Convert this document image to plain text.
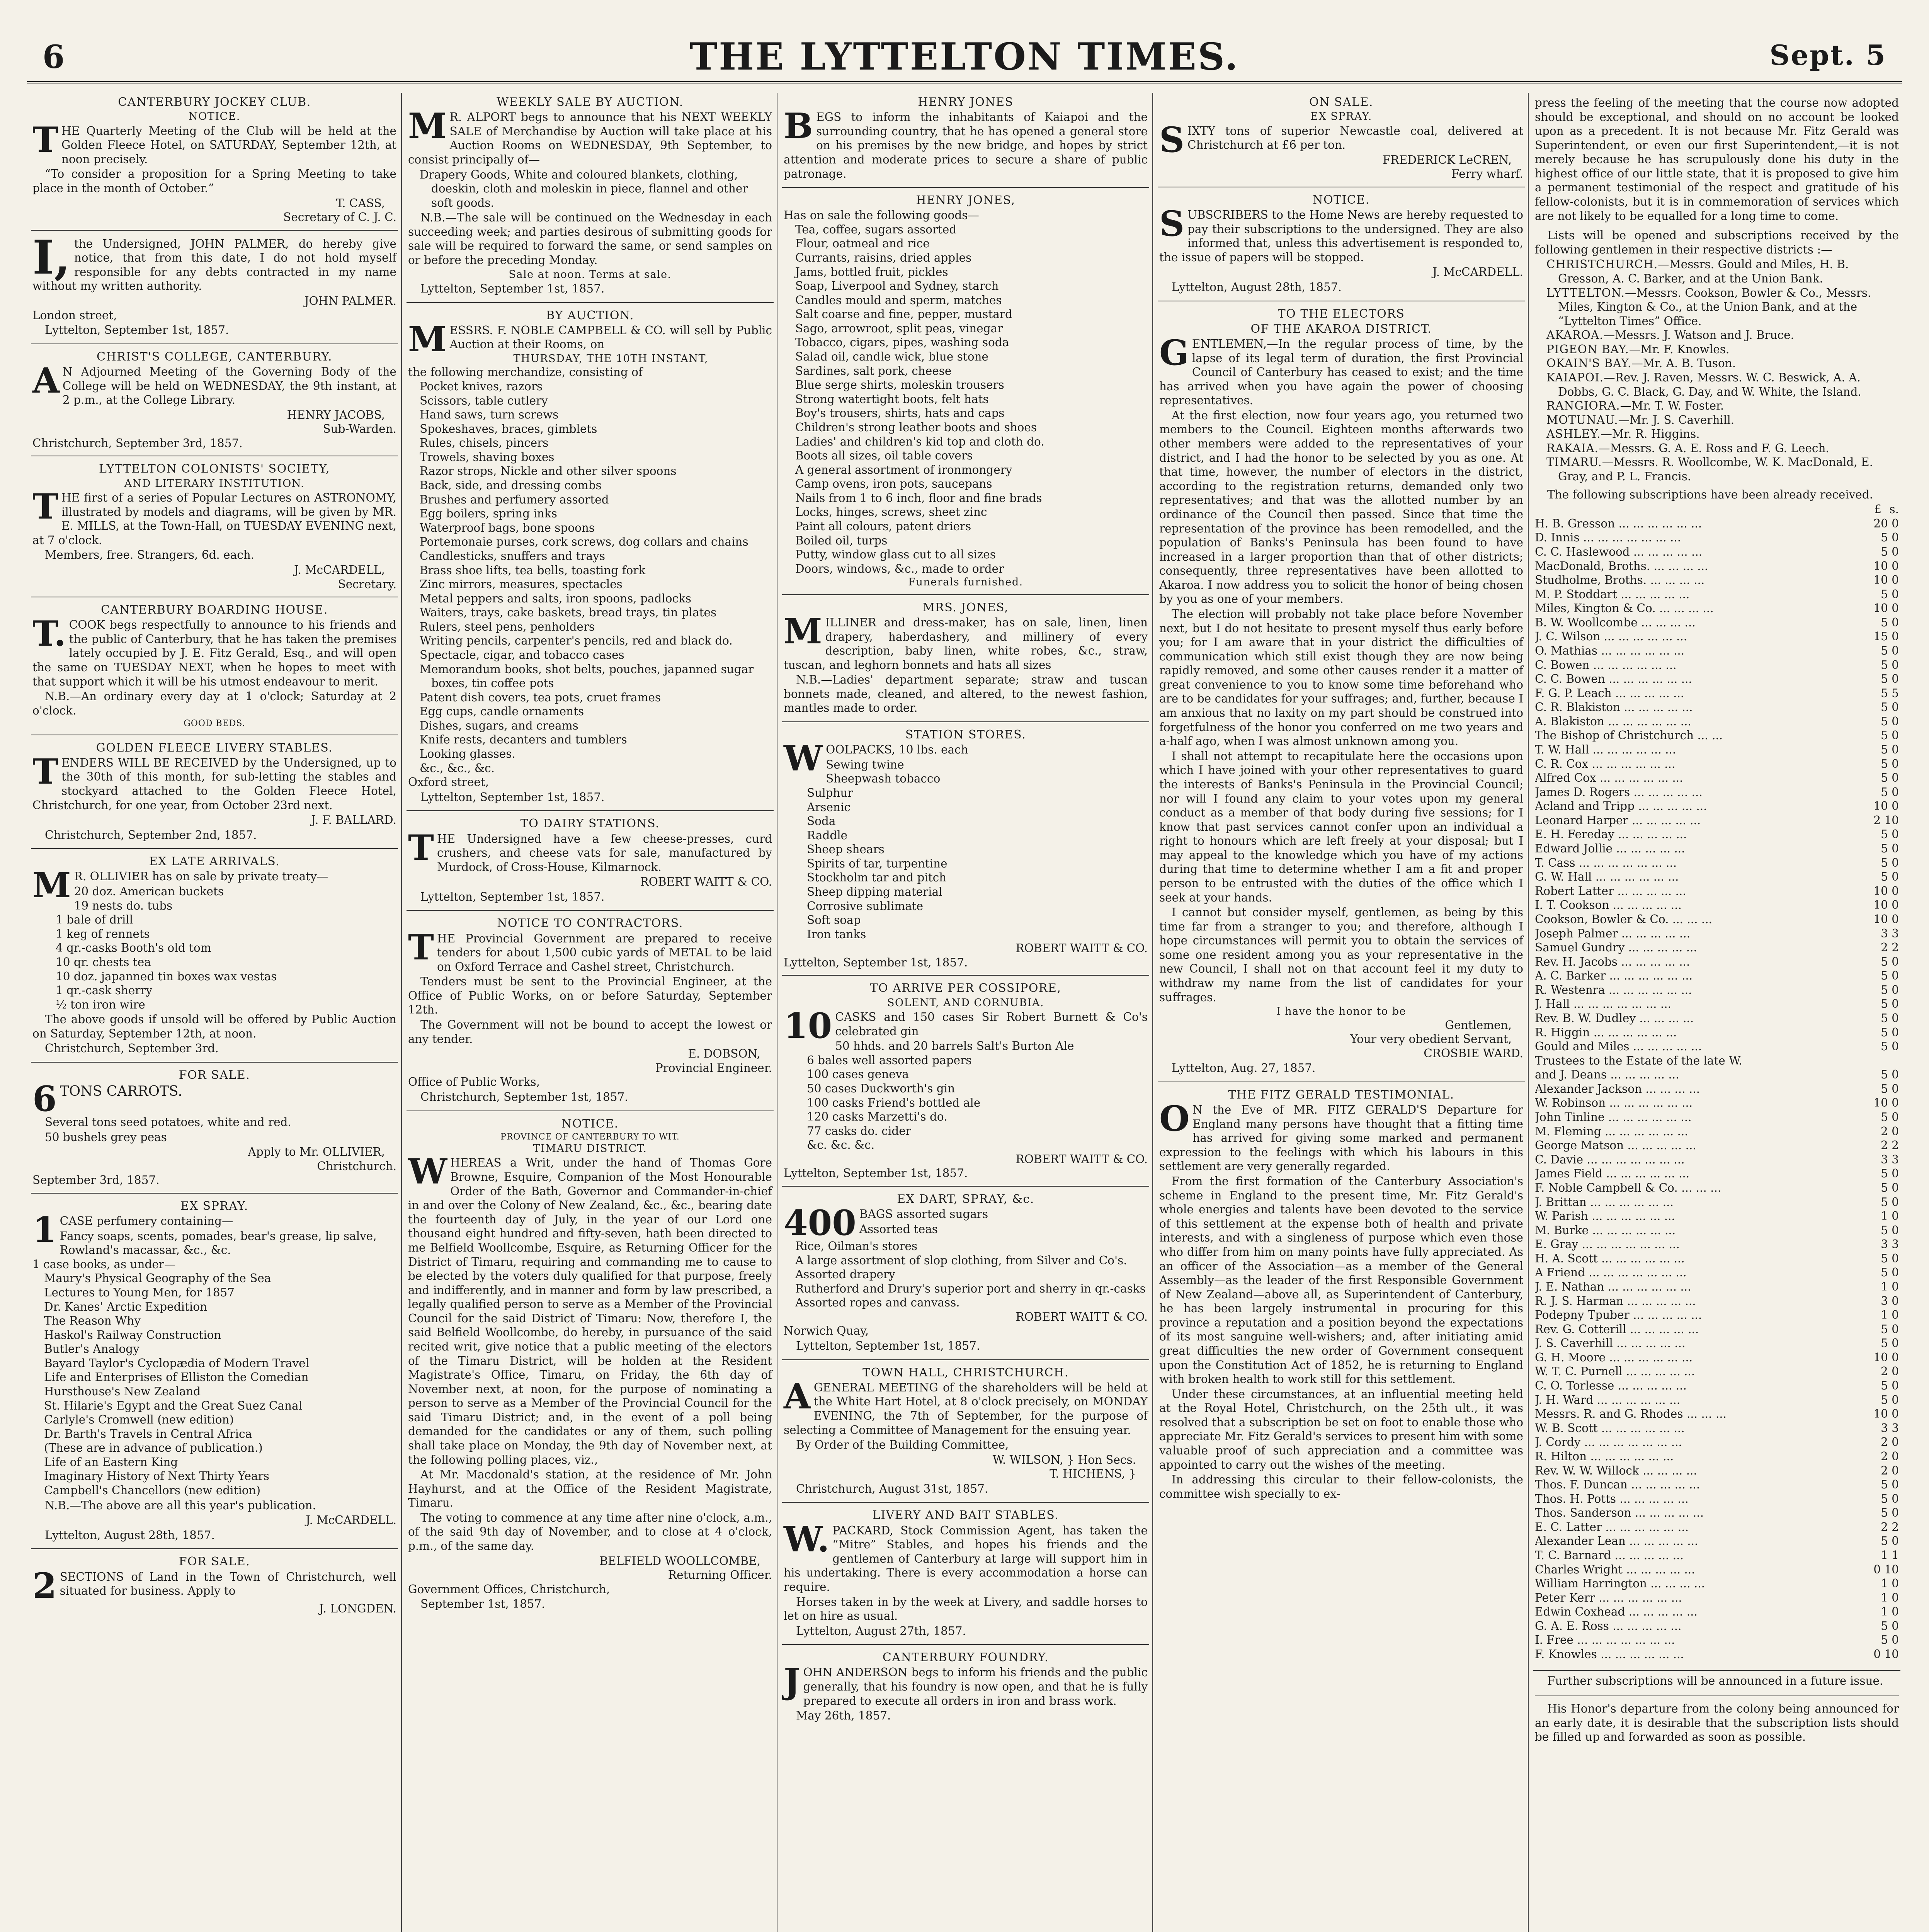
6	THE LYTTELTON TIMES.	Sept. 5

CANTERBURY JOCKEY CLUB.

NOTICE.

THE Quarterly Meeting of the Club will be held at the Golden Fleece Hotel, on SATURDAY, September 12th, at noon precisely.

“To consider a proposition for a Spring Meeting to take place in the month of October.”

T. CASS,

Secretary of C. J. C.

I, the Undersigned, JOHN PALMER, do hereby give notice, that from this date, I do not hold myself responsible for any debts contracted in my name without my written authority.

JOHN PALMER.

London street,

Lyttelton, September 1st, 1857.

CHRIST'S COLLEGE, CANTERBURY.

A N Adjourned Meeting of the Governing Body of the College will be held on WEDNESDAY, the 9th instant, at 2 p.m., at the College Library.

HENRY JACOBS,

Sub-Warden.

Christchurch, September 3rd, 1857.

LYTTELTON COLONISTS' SOCIETY,

AND LITERARY INSTITUTION.

THE first of a series of Popular Lectures on ASTRONOMY, illustrated by models and diagrams, will be given by MR. E. MILLS, at the Town-Hall, on TUESDAY EVENING next, at 7 o'clock.

Members, free. Strangers, 6d. each.

J. McCARDELL,

Secretary.

CANTERBURY BOARDING HOUSE.

T. COOK begs respectfully to announce to his friends and the public of Canterbury, that he has taken the premises lately occupied by J. E. Fitz Gerald, Esq., and will open the same on TUESDAY NEXT, when he hopes to meet with that support which it will be his utmost endeavour to merit.

N.B.—An ordinary every day at 1 o'clock; Saturday at 2 o'clock.

GOOD BEDS.

GOLDEN FLEECE LIVERY STABLES.

TENDERS WILL BE RECEIVED by the Undersigned, up to the 30th of this month, for sub-letting the stables and stockyard attached to the Golden Fleece Hotel, Christchurch, for one year, from October 23rd next.

J. F. BALLARD.

Christchurch, September 2nd, 1857.

EX LATE ARRIVALS.

M R. OLLIVIER has on sale by private treaty—

20 doz. American buckets

19 nests do. tubs

1 bale of drill

1 keg of rennets

4 qr.-casks Booth's old tom

10 qr. chests tea

10 doz. japanned tin boxes wax vestas

1 qr.-cask sherry

½ ton iron wire

The above goods if unsold will be offered by Public Auction on Saturday, September 12th, at noon.

Christchurch, September 3rd.

FOR SALE.

6 TONS CARROTS.

Several tons seed potatoes, white and red.

50 bushels grey peas

Apply to Mr. OLLIVIER,

Christchurch.

September 3rd, 1857.

EX SPRAY.

1 CASE perfumery containing—

Fancy soaps, scents, pomades, bear's grease, lip salve, Rowland's macassar, &c., &c.

1 case books, as under—

Maury's Physical Geography of the Sea

Lectures to Young Men, for 1857

Dr. Kanes' Arctic Expedition

The Reason Why

Haskol's Railway Construction

Butler's Analogy

Bayard Taylor's Cyclopædia of Modern Travel

Life and Enterprises of Elliston the Comedian

Hursthouse's New Zealand

St. Hilarie's Egypt and the Great Suez Canal

Carlyle's Cromwell (new edition)

Dr. Barth's Travels in Central Africa

(These are in advance of publication.)

Life of an Eastern King

Imaginary History of Next Thirty Years

Campbell's Chancellors (new edition)

N.B.—The above are all this year's publication.

J. McCARDELL.

Lyttelton, August 28th, 1857.

FOR SALE.

2 SECTIONS of Land in the Town of Christchurch, well situated for business. Apply to

J. LONGDEN.

WEEKLY SALE BY AUCTION.

M R. ALPORT begs to announce that his NEXT WEEKLY SALE of Merchandise by Auction will take place at his Auction Rooms on WEDNESDAY, 9th September, to consist principally of—

Drapery Goods, White and coloured blankets, clothing, doeskin, cloth and moleskin in piece, flannel and other soft goods.

N.B.—The sale will be continued on the Wednesday in each succeeding week; and parties desirous of submitting goods for sale will be required to forward the same, or send samples on or before the preceding Monday.

Sale at noon. Terms at sale.

Lyttelton, September 1st, 1857.

BY AUCTION.

MESSRS. F. NOBLE CAMPBELL & CO. will sell by Public Auction at their Rooms, on

THURSDAY, THE 10TH INSTANT,

the following merchandize, consisting of

Pocket knives, razors

Scissors, table cutlery

Hand saws, turn screws

Spokeshaves, braces, gimblets

Rules, chisels, pincers

Trowels, shaving boxes

Razor strops, Nickle and other silver spoons

Back, side, and dressing combs

Brushes and perfumery assorted

Egg boilers, spring inks

Waterproof bags, bone spoons

Portemonaie purses, cork screws, dog collars and chains

Candlesticks, snuffers and trays

Brass shoe lifts, tea bells, toasting fork

Zinc mirrors, measures, spectacles

Metal peppers and salts, iron spoons, padlocks

Waiters, trays, cake baskets, bread trays, tin plates

Rulers, steel pens, penholders

Writing pencils, carpenter's pencils, red and black do.

Spectacle, cigar, and tobacco cases

Memorandum books, shot belts, pouches, japanned sugar boxes, tin coffee pots

Patent dish covers, tea pots, cruet frames

Egg cups, candle ornaments

Dishes, sugars, and creams

Knife rests, decanters and tumblers

Looking glasses.

&c., &c., &c.

Oxford street,

Lyttelton, September 1st, 1857.

TO DAIRY STATIONS.

THE Undersigned have a few cheese-presses, curd crushers, and cheese vats for sale, manufactured by Murdock, of Cross-House, Kilmarnock.

ROBERT WAITT & CO.

Lyttelton, September 1st, 1857.

NOTICE TO CONTRACTORS.

THE Provincial Government are prepared to receive tenders for about 1,500 cubic yards of METAL to be laid on Oxford Terrace and Cashel street, Christchurch.

Tenders must be sent to the Provincial Engineer, at the Office of Public Works, on or before Saturday, September 12th.

The Government will not be bound to accept the lowest or any tender.

E. DOBSON,

Provincial Engineer.

Office of Public Works,

Christchurch, September 1st, 1857.

NOTICE.

PROVINCE OF CANTERBURY TO WIT.

TIMARU DISTRICT.

WHEREAS a Writ, under the hand of Thomas Gore Browne, Esquire, Companion of the Most Honourable Order of the Bath, Governor and Commander-in-chief in and over the Colony of New Zealand, &c., &c., bearing date the fourteenth day of July, in the year of our Lord one thousand eight hundred and fifty-seven, hath been directed to me Belfield Woollcombe, Esquire, as Returning Officer for the District of Timaru, requiring and commanding me to cause to be elected by the voters duly qualified for that purpose, freely and indifferently, and in manner and form by law prescribed, a legally qualified person to serve as a Member of the Provincial Council for the said District of Timaru: Now, therefore I, the said Belfield Woollcombe, do hereby, in pursuance of the said recited writ, give notice that a public meeting of the electors of the Timaru District, will be holden at the Resident Magistrate's Office, Timaru, on Friday, the 6th day of November next, at noon, for the purpose of nominating a person to serve as a Member of the Provincial Council for the said Timaru District; and, in the event of a poll being demanded for the candidates or any of them, such polling shall take place on Monday, the 9th day of November next, at the following polling places, viz.,

At Mr. Macdonald's station, at the residence of Mr. John Hayhurst, and at the Office of the Resident Magistrate, Timaru.

The voting to commence at any time after nine o'clock, a.m., of the said 9th day of November, and to close at 4 o'clock, p.m., of the same day.

BELFIELD WOOLLCOMBE,

Returning Officer.

Government Offices, Christchurch,

September 1st, 1857.

HENRY JONES

BEGS to inform the inhabitants of Kaiapoi and the surrounding country, that he has opened a general store on his premises by the new bridge, and hopes by strict attention and moderate prices to secure a share of public patronage.

HENRY JONES,

Has on sale the following goods—

Tea, coffee, sugars assorted

Flour, oatmeal and rice

Currants, raisins, dried apples

Jams, bottled fruit, pickles

Soap, Liverpool and Sydney, starch

Candles mould and sperm, matches

Salt coarse and fine, pepper, mustard

Sago, arrowroot, split peas, vinegar

Tobacco, cigars, pipes, washing soda

Salad oil, candle wick, blue stone

Sardines, salt pork, cheese

Blue serge shirts, moleskin trousers

Strong watertight boots, felt hats

Boy's trousers, shirts, hats and caps

Children's strong leather boots and shoes

Ladies' and children's kid top and cloth do.

Boots all sizes, oil table covers

A general assortment of ironmongery

Camp ovens, iron pots, saucepans

Nails from 1 to 6 inch, floor and fine brads

Locks, hinges, screws, sheet zinc

Paint all colours, patent driers

Boiled oil, turps

Putty, window glass cut to all sizes

Doors, windows, &c., made to order

Funerals furnished.

MRS. JONES,

MILLINER and dress-maker, has on sale, linen, linen drapery, haberdashery, and millinery of every description, baby linen, white robes, &c., straw, tuscan, and leghorn bonnets and hats all sizes

N.B.—Ladies' department separate; straw and tuscan bonnets made, cleaned, and altered, to the newest fashion, mantles made to order.

STATION STORES.

WOOLPACKS, 10 lbs. each

Sewing twine

Sheepwash tobacco

Sulphur

Arsenic

Soda

Raddle

Sheep shears

Spirits of tar, turpentine

Stockholm tar and pitch

Sheep dipping material

Corrosive sublimate

Soft soap

Iron tanks

ROBERT WAITT & CO.

Lyttelton, September 1st, 1857.

TO ARRIVE PER COSSIPORE,

SOLENT, AND CORNUBIA.

10 CASKS and 150 cases Sir Robert Burnett & Co's celebrated gin

50 hhds. and 20 barrels Salt's Burton Ale

6 bales well assorted papers

100 cases geneva

50 cases Duckworth's gin

100 casks Friend's bottled ale

120 casks Marzetti's do.

77 casks do. cider

&c. &c. &c.

ROBERT WAITT & CO.

Lyttelton, September 1st, 1857.

EX DART, SPRAY, &c.

400 BAGS assorted sugars

Assorted teas

Rice, Oilman's stores

A large assortment of slop clothing, from Silver and Co's.

Assorted drapery

Rutherford and Drury's superior port and sherry in qr.-casks

Assorted ropes and canvass.

ROBERT WAITT & CO.

Norwich Quay,

Lyttelton, September 1st, 1857.

TOWN HALL, CHRISTCHURCH.

AGENERAL MEETING of the shareholders will be held at the White Hart Hotel, at 8 o'clock precisely, on MONDAY EVENING, the 7th of September, for the purpose of selecting a Committee of Management for the ensuing year.

By Order of the Building Committee,

W. WILSON, } Hon Secs.

T. HICHENS, }

Christchurch, August 31st, 1857.

LIVERY AND BAIT STABLES.

W. PACKARD, Stock Commission Agent, has taken the “Mitre” Stables, and hopes his friends and the gentlemen of Canterbury at large will support him in his undertaking. There is every accommodation a horse can require.

Horses taken in by the week at Livery, and saddle horses to let on hire as usual.

Lyttelton, August 27th, 1857.

CANTERBURY FOUNDRY.

JOHN ANDERSON begs to inform his friends and the public generally, that his foundry is now open, and that he is fully prepared to execute all orders in iron and brass work.

May 26th, 1857.

ON SALE.

EX SPRAY.

SIXTY tons of superior Newcastle coal, delivered at Christchurch at £6 per ton.

FREDERICK LeCREN,

Ferry wharf.

NOTICE.

SUBSCRIBERS to the Home News are hereby requested to pay their subscriptions to the undersigned. They are also informed that, unless this advertisement is responded to, the issue of papers will be stopped.

J. McCARDELL.

Lyttelton, August 28th, 1857.

TO THE ELECTORS

OF THE AKAROA DISTRICT.

GENTLEMEN,—In the regular process of time, by the lapse of its legal term of duration, the first Provincial Council of Canterbury has ceased to exist; and the time has arrived when you have again the power of choosing representatives.

At the first election, now four years ago, you returned two members to the Council. Eighteen months afterwards two other members were added to the representatives of your district, and I had the honor to be selected by you as one. At that time, however, the number of electors in the district, according to the registration returns, demanded only two representatives; and that was the allotted number by an ordinance of the Council then passed. Since that time the representation of the province has been remodelled, and the population of Banks's Peninsula has been found to have increased in a larger proportion than that of other districts; consequently, three representatives have been allotted to Akaroa. I now address you to solicit the honor of being chosen by you as one of your members.

The election will probably not take place before November next, but I do not hesitate to present myself thus early before you; for I am aware that in your district the difficulties of communication which still exist though they are now being rapidly removed, and some other causes render it a matter of great convenience to you to know some time beforehand who are to be candidates for your suffrages; and, further, because I am anxious that no laxity on my part should be construed into forgetfulness of the honor you conferred on me two years and a-half ago, when I was almost unknown among you.

I shall not attempt to recapitulate here the occasions upon which I have joined with your other representatives to guard the interests of Banks's Peninsula in the Provincial Council; nor will I found any claim to your votes upon my general conduct as a member of that body during five sessions; for I know that past services cannot confer upon an individual a right to honours which are left freely at your disposal; but I may appeal to the knowledge which you have of my actions during that time to determine whether I am a fit and proper person to be entrusted with the duties of the office which I seek at your hands.

I cannot but consider myself, gentlemen, as being by this time far from a stranger to you; and therefore, although I hope circumstances will permit you to obtain the services of some one resident among you as your representative in the new Council, I shall not on that account feel it my duty to withdraw my name from the list of candidates for your suffrages.

I have the honor to be

Gentlemen,

Your very obedient Servant,

CROSBIE WARD.

Lyttelton, Aug. 27, 1857.

THE FITZ GERALD TESTIMONIAL.

O N the Eve of MR. FITZ GERALD'S Departure for England many persons have thought that a fitting time has arrived for giving some marked and permanent expression to the feelings with which his labours in this settlement are very generally regarded.

From the first formation of the Canterbury Association's scheme in England to the present time, Mr. Fitz Gerald's whole energies and talents have been devoted to the service of this settlement at the expense both of health and private interests, and with a singleness of purpose which even those who differ from him on many points have fully appreciated. As an officer of the Association—as a member of the General Assembly—as the leader of the first Responsible Government of New Zealand—above all, as Superintendent of Canterbury, he has been largely instrumental in procuring for this province a reputation and a position beyond the expectations of its most sanguine well-wishers; and, after initiating amid great difficulties the new order of Government consequent upon the Constitution Act of 1852, he is returning to England with broken health to work still for this settlement.

Under these circumstances, at an influential meeting held at the Royal Hotel, Christchurch, on the 25th ult., it was resolved that a subscription be set on foot to enable those who appreciate Mr. Fitz Gerald's services to present him with some valuable proof of such appreciation and a committee was appointed to carry out the wishes of the meeting.

In addressing this circular to their fellow-colonists, the committee wish specially to ex-

press the feeling of the meeting that the course now adopted should be exceptional, and should on no account be looked upon as a precedent. It is not because Mr. Fitz Gerald was Superintendent, or even our first Superintendent,—it is not merely because he has scrupulously done his duty in the highest office of our little state, that it is proposed to give him a permanent testimonial of the respect and gratitude of his fellow-colonists, but it is in commemoration of services which are not likely to be equalled for a long time to come.

Lists will be opened and subscriptions received by the following gentlemen in their respective districts :—

CHRISTCHURCH.—Messrs. Gould and Miles, H. B. Gresson, A. C. Barker, and at the Union Bank.

LYTTELTON.—Messrs. Cookson, Bowler & Co., Messrs. Miles, Kington & Co., at the Union Bank, and at the “Lyttelton Times” Office.

AKAROA.—Messrs. J. Watson and J. Bruce.

PIGEON BAY.—Mr. F. Knowles.

OKAIN'S BAY.—Mr. A. B. Tuson.

KAIAPOI.—Rev. J. Raven, Messrs. W. C. Beswick, A. A. Dobbs, G. C. Black, G. Day, and W. White, the Island.

RANGIORA.—Mr. T. W. Foster.

MOTUNAU.—Mr. J. S. Caverhill.

ASHLEY.—Mr. R. Higgins.

RAKAIA.—Messrs. G. A. E. Ross and F. G. Leech.

TIMARU.—Messrs. R. Woollcombe, W. K. MacDonald, E. Gray, and P. L. Francis.

The following subscriptions have been already received.

£ s.
H. B. Gresson ... ... ... ... ... ...	20 0
D. Innis ... ... ... ... ... ... ...	5 0
C. C. Haslewood ... ... ... ... ...	5 0
MacDonald, Broths. ... ... ... ...	10 0
Studholme, Broths. ... ... ... ...	10 0
M. P. Stoddart ... ... ... ... ...	5 0
Miles, Kington & Co. ... ... ... ...	10 0
B. W. Woollcombe ... ... ... ...	5 0
J. C. Wilson ... ... ... ... ... ...	15 0
O. Mathias ... ... ... ... ... ...	5 0
C. Bowen ... ... ... ... ... ...	5 0
C. C. Bowen ... ... ... ... ... ...	5 0
F. G. P. Leach ... ... ... ... ...	5 5
C. R. Blakiston ... ... ... ... ...	5 0
A. Blakiston ... ... ... ... ... ...	5 0
The Bishop of Christchurch ... ...	5 0
T. W. Hall ... ... ... ... ... ...	5 0
C. R. Cox ... ... ... ... ... ...	5 0
Alfred Cox ... ... ... ... ... ...	5 0
James D. Rogers ... ... ... ... ...	5 0
Acland and Tripp ... ... ... ... ...	10 0
Leonard Harper ... ... ... ... ...	2 10
E. H. Fereday ... ... ... ... ...	5 0
Edward Jollie ... ... ... ... ...	5 0
T. Cass ... ... ... ... ... ... ...	5 0
G. W. Hall ... ... ... ... ... ...	5 0
Robert Latter ... ... ... ... ...	10 0
I. T. Cookson ... ... ... ... ...	10 0
Cookson, Bowler & Co. ... ... ...	10 0
Joseph Palmer ... ... ... ... ...	3 3
Samuel Gundry ... ... ... ... ...	2 2
Rev. H. Jacobs ... ... ... ... ...	5 0
A. C. Barker ... ... ... ... ... ...	5 0
R. Westenra ... ... ... ... ... ...	5 0
J. Hall ... ... ... ... ... ... ...	5 0
Rev. B. W. Dudley ... ... ... ...	5 0
R. Higgin ... ... ... ... ... ...	5 0
Gould and Miles ... ... ... ... ...	5 0
Trustees to the Estate of the late W.
and J. Deans ... ... ... ... ...	5 0
Alexander Jackson ... ... ... ...	5 0
W. Robinson ... ... ... ... ... ...	10 0
John Tinline ... ... ... ... ... ...	5 0
M. Fleming ... ... ... ... ... ...	2 0
George Matson ... ... ... ... ...	2 2
C. Davie ... ... ... ... ... ... ...	3 3
James Field ... ... ... ... ... ...	5 0
F. Noble Campbell & Co. ... ... ...	5 0
J. Brittan ... ... ... ... ... ...	5 0
W. Parish ... ... ... ... ... ...	1 0
M. Burke ... ... ... ... ... ...	5 0
E. Gray ... ... ... ... ... ... ...	3 3
H. A. Scott ... ... ... ... ... ...	5 0
A Friend ... ... ... ... ... ... ...	5 0
J. E. Nathan ... ... ... ... ... ...	1 0
R. J. S. Harman ... ... ... ... ...	3 0
Podepny Tpuber ... ... ... ... ...	1 0
Rev. G. Cotterill ... ... ... ... ...	5 0
J. S. Caverhill ... ... ... ... ...	5 0
G. H. Moore ... ... ... ... ... ...	10 0
W. T. C. Purnell ... ... ... ... ...	2 0
C. O. Torlesse ... ... ... ... ...	5 0
J. H. Ward ... ... ... ... ... ...	5 0
Messrs. R. and G. Rhodes ... ... ...	10 0
W. B. Scott ... ... ... ... ... ...	3 3
J. Cordy ... ... ... ... ... ... ...	2 0
R. Hilton ... ... ... ... ... ...	2 0
Rev. W. W. Willock ... ... ... ...	2 0
Thos. F. Duncan ... ... ... ... ...	5 0
Thos. H. Potts ... ... ... ... ...	5 0
Thos. Sanderson ... ... ... ... ...	5 0
E. C. Latter ... ... ... ... ... ...	2 2
Alexander Lean ... ... ... ... ...	5 0
T. C. Barnard ... ... ... ... ...	1 1
Charles Wright ... ... ... ... ...	0 10
William Harrington ... ... ... ...	1 0
Peter Kerr ... ... ... ... ... ...	1 0
Edwin Coxhead ... ... ... ... ...	1 0
G. A. E. Ross ... ... ... ... ...	5 0
I. Free ... ... ... ... ... ... ...	5 0
F. Knowles ... ... ... ... ... ...	0 10

Further subscriptions will be announced in a future issue.

His Honor's departure from the colony being announced for an early date, it is desirable that the subscription lists should be filled up and forwarded as soon as possible.
